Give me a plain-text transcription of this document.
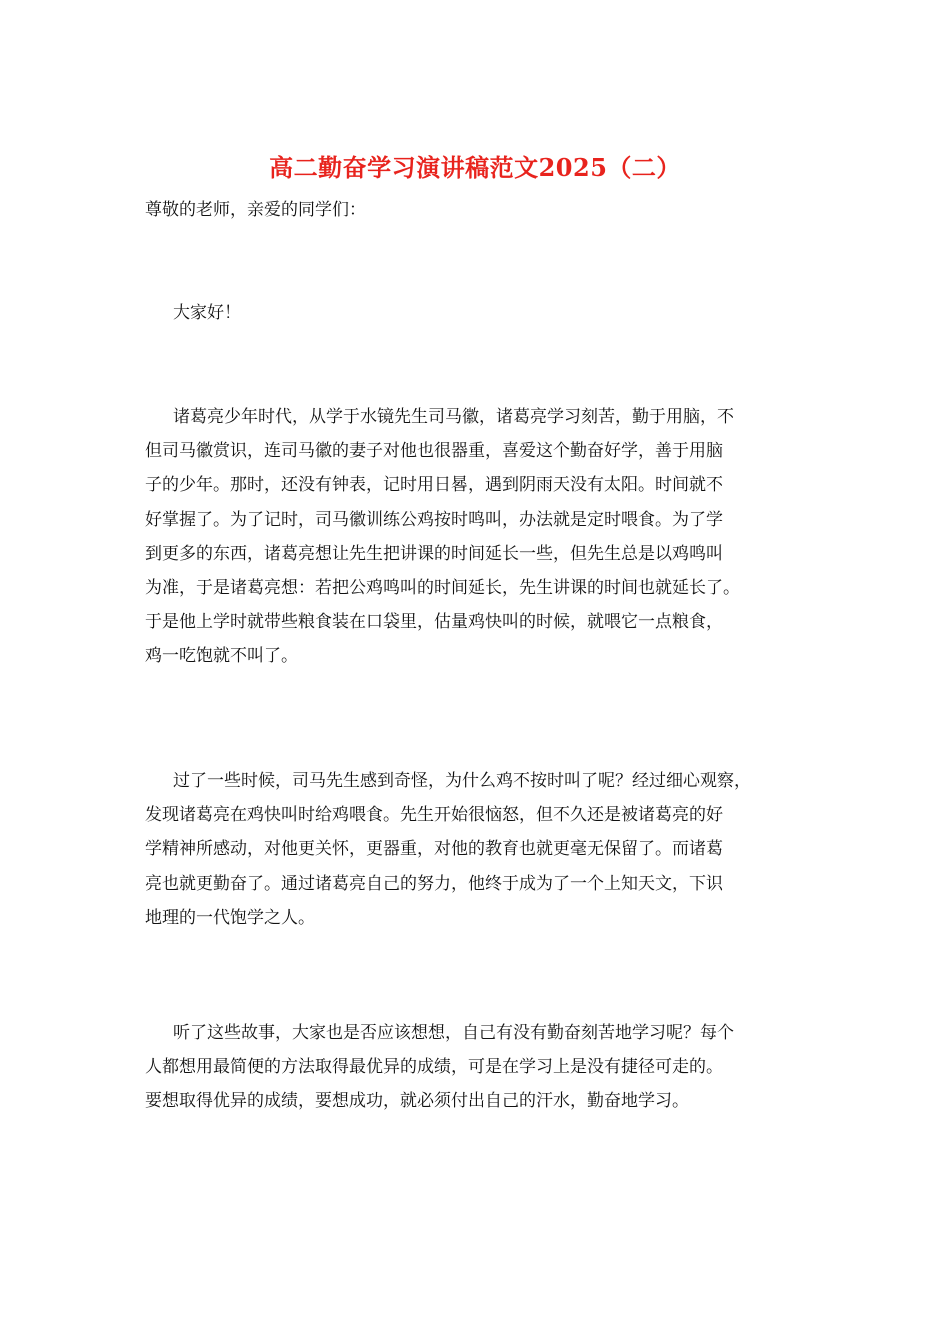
高二勤奋学习演讲稿范文2025（二）
尊敬的老师，亲爱的同学们：
大家好！
诸葛亮少年时代，从学于水镜先生司马徽，诸葛亮学习刻苦，勤于用脑，不
但司马徽赏识，连司马徽的妻子对他也很器重，喜爱这个勤奋好学，善于用脑
子的少年。那时，还没有钟表，记时用日晷，遇到阴雨天没有太阳。时间就不
好掌握了。为了记时，司马徽训练公鸡按时鸣叫，办法就是定时喂食。为了学
到更多的东西，诸葛亮想让先生把讲课的时间延长一些，但先生总是以鸡鸣叫
为准，于是诸葛亮想：若把公鸡鸣叫的时间延长，先生讲课的时间也就延长了。
于是他上学时就带些粮食装在口袋里，估量鸡快叫的时候，就喂它一点粮食，
鸡一吃饱就不叫了。
过了一些时候，司马先生感到奇怪，为什么鸡不按时叫了呢？经过细心观察，
发现诸葛亮在鸡快叫时给鸡喂食。先生开始很恼怒，但不久还是被诸葛亮的好
学精神所感动，对他更关怀，更器重，对他的教育也就更毫无保留了。而诸葛
亮也就更勤奋了。通过诸葛亮自己的努力，他终于成为了一个上知天文，下识
地理的一代饱学之人。
听了这些故事，大家也是否应该想想，自己有没有勤奋刻苦地学习呢？每个
人都想用最简便的方法取得最优异的成绩，可是在学习上是没有捷径可走的。
要想取得优异的成绩，要想成功，就必须付出自己的汗水，勤奋地学习。
